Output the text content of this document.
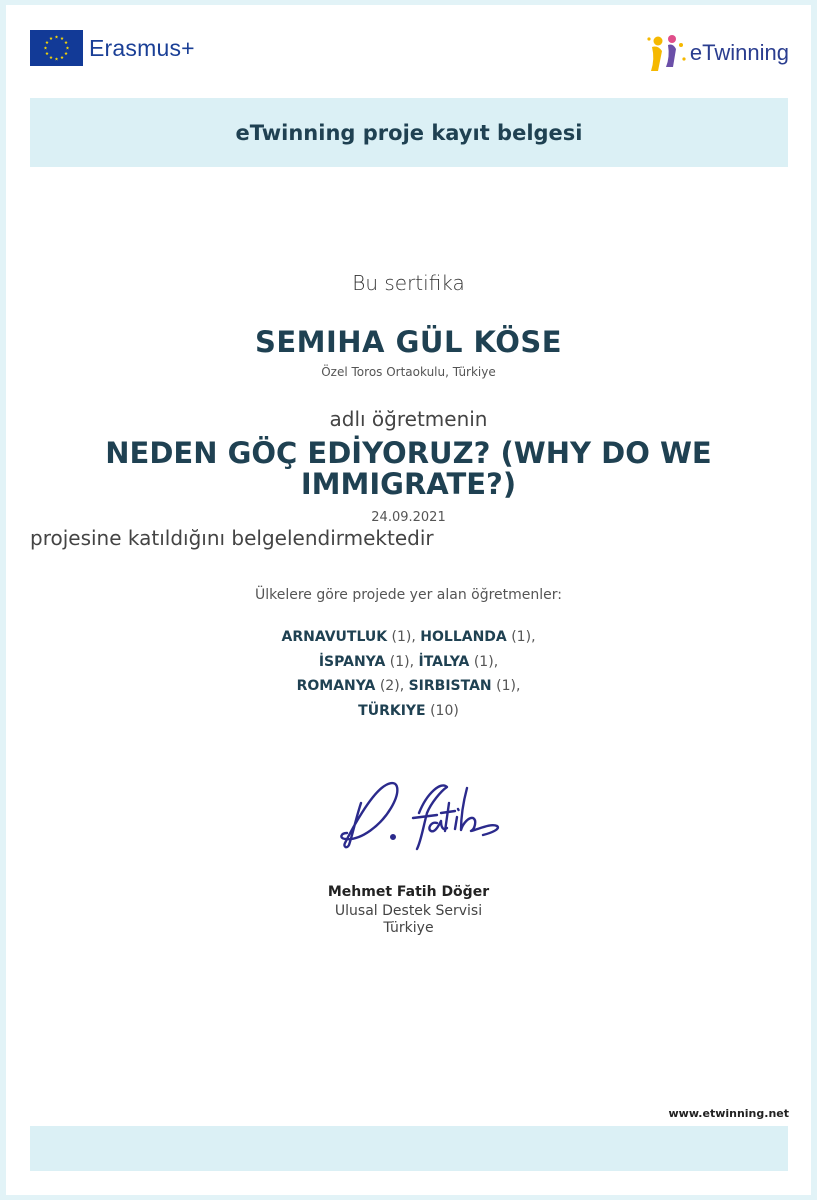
Erasmus+	eTwinning
eTwinning proje kayıt belgesi
Bu sertifika
SEMIHA GÜL KÖSE
Özel Toros Ortaokulu, Türkiye
adlı öğretmenin
NEDEN GÖÇ EDİYORUZ? (WHY DO WE IMMIGRATE?)
24.09.2021
projesine katıldığını belgelendirmektedir
Ülkelere göre projede yer alan öğretmenler:
ARNAVUTLUK (1), HOLLANDA (1),
İSPANYA (1), İTALYA (1),
ROMANYA (2), SIRBISTAN (1),
TÜRKIYE (10)
Mehmet Fatih Döğer
Ulusal Destek Servisi
Türkiye
www.etwinning.net
